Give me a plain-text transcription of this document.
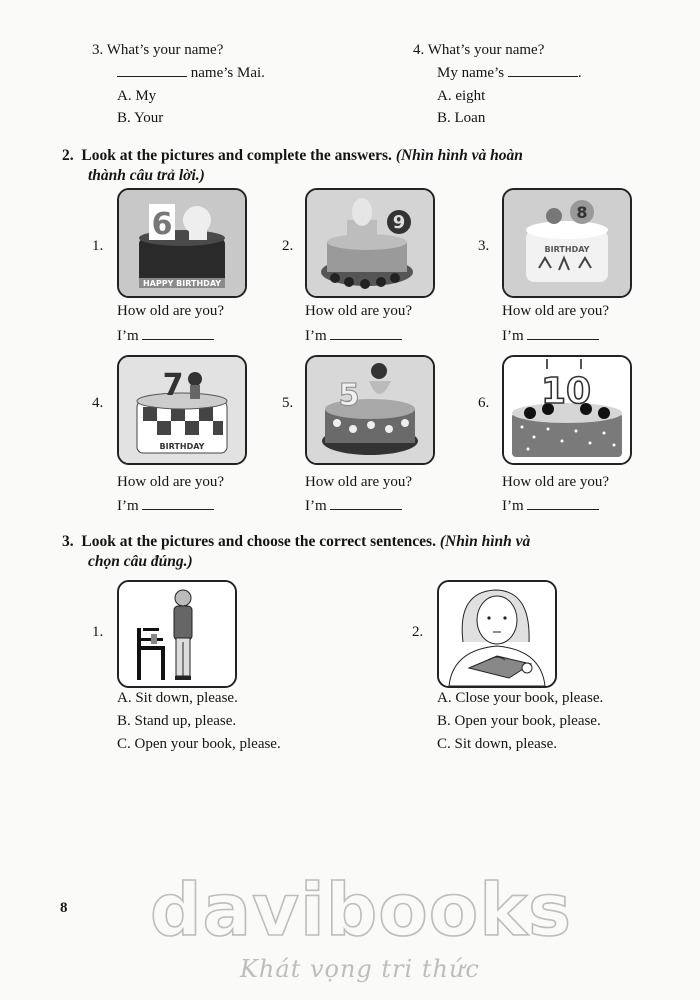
3. What’s your name?
name’s Mai.
A. My
B. Your
4. What’s your name?
My name’s	.
A. eight
B. Loan
2. Look at the pictures and complete the answers. (Nhìn hình và hoàn
thành câu trả lời.)
1.
6
HAPPY BIRTHDAY
How old are you?
I’m
2.
9
How old are you?
I’m
3.
8
BIRTHDAY
How old are you?
I’m
4. 7
BIRTHDAY
How old are you?
I’m
5. 5
How old are you?
I’m
6. 10
How old are you?
I’m
3. Look at the pictures and choose the correct sentences. (Nhìn hình và
chọn câu đúng.)
1.
A. Sit down, please.
B. Stand up, please.
C. Open your book, please.
2.
A. Close your book, please.
B. Open your book, please.
C. Sit down, please.
8 davibooks
Khát vọng tri thức
